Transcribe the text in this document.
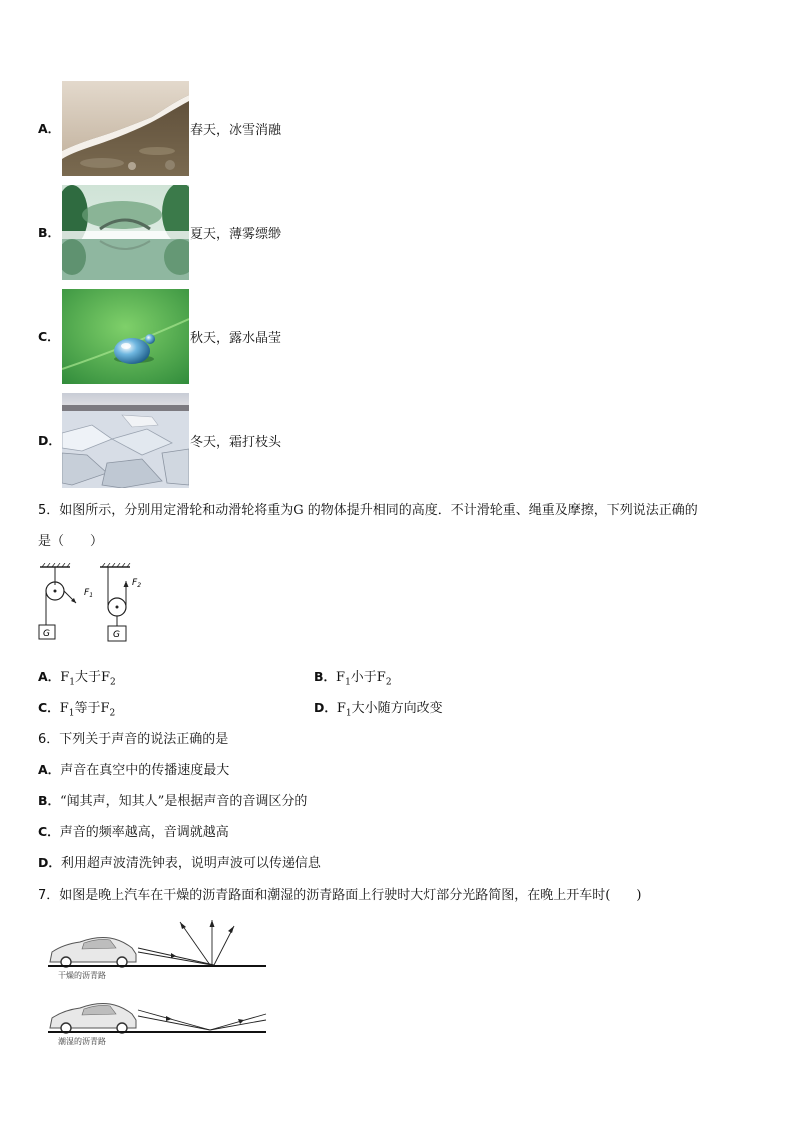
A．	春天，冰雪消融
B．	夏天，薄雾缥缈
C．	秋天，露水晶莹
D．	冬天，霜打枝头
5．如图所示，分别用定滑轮和动滑轮将重为G 的物体提升相同的高度．不计滑轮重、绳重及摩擦，下列说法正确的
是（　　）
$F_1$
G
$F_2$
G
A．$F_1$大于$F_2$	B．$F_1$小于$F_2$
C．$F_1$等于$F_2$	D．$F_1$大小随方向改变
6．下列关于声音的说法正确的是
A．声音在真空中的传播速度最大
B．“闻其声，知其人”是根据声音的音调区分的
C．声音的频率越高，音调就越高
D．利用超声波清洗钟表，说明声波可以传递信息
7．如图是晚上汽车在干燥的沥青路面和潮湿的沥青路面上行驶时大灯部分光路简图，在晚上开车时(　　)
干燥的沥青路
潮湿的沥青路
